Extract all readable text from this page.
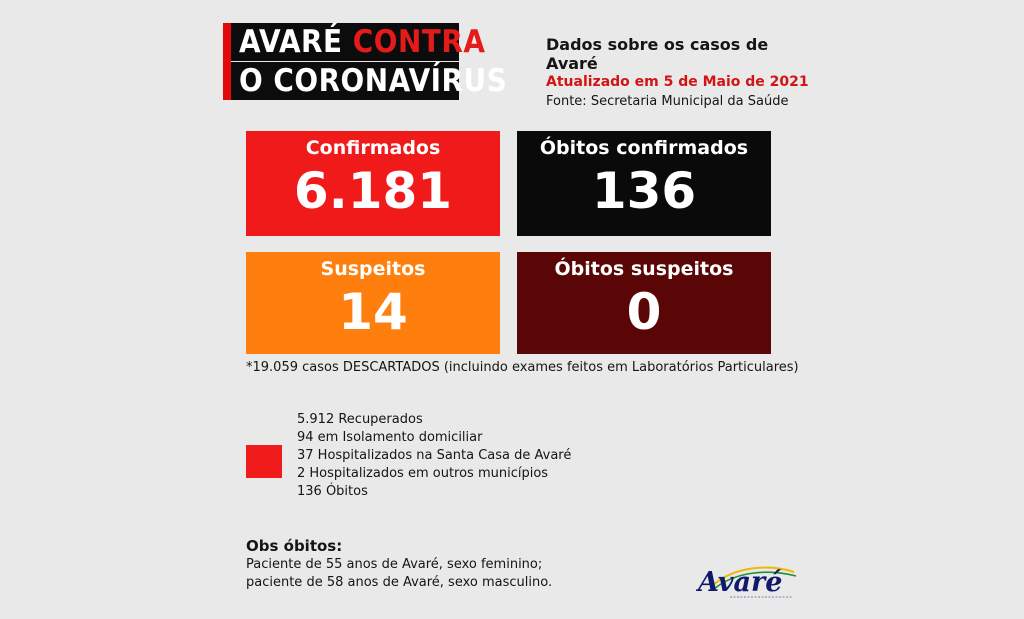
AVARÉ CONTRA
O CORONAVÍRUS
Dados sobre os casos de Avaré
Atualizado em 5 de Maio de 2021
Fonte: Secretaria Municipal da Saúde
Confirmados
6.181
Óbitos confirmados
136
Suspeitos
14
Óbitos suspeitos
0
*19.059 casos DESCARTADOS (incluindo exames feitos em Laboratórios Particulares)
5.912 Recuperados
94 em Isolamento domiciliar
37 Hospitalizados na Santa Casa de Avaré
2 Hospitalizados em outros municípios
136 Óbitos
Obs óbitos:
Paciente de 55 anos de Avaré, sexo feminino;
paciente de 58 anos de Avaré, sexo masculino.	Avaré
